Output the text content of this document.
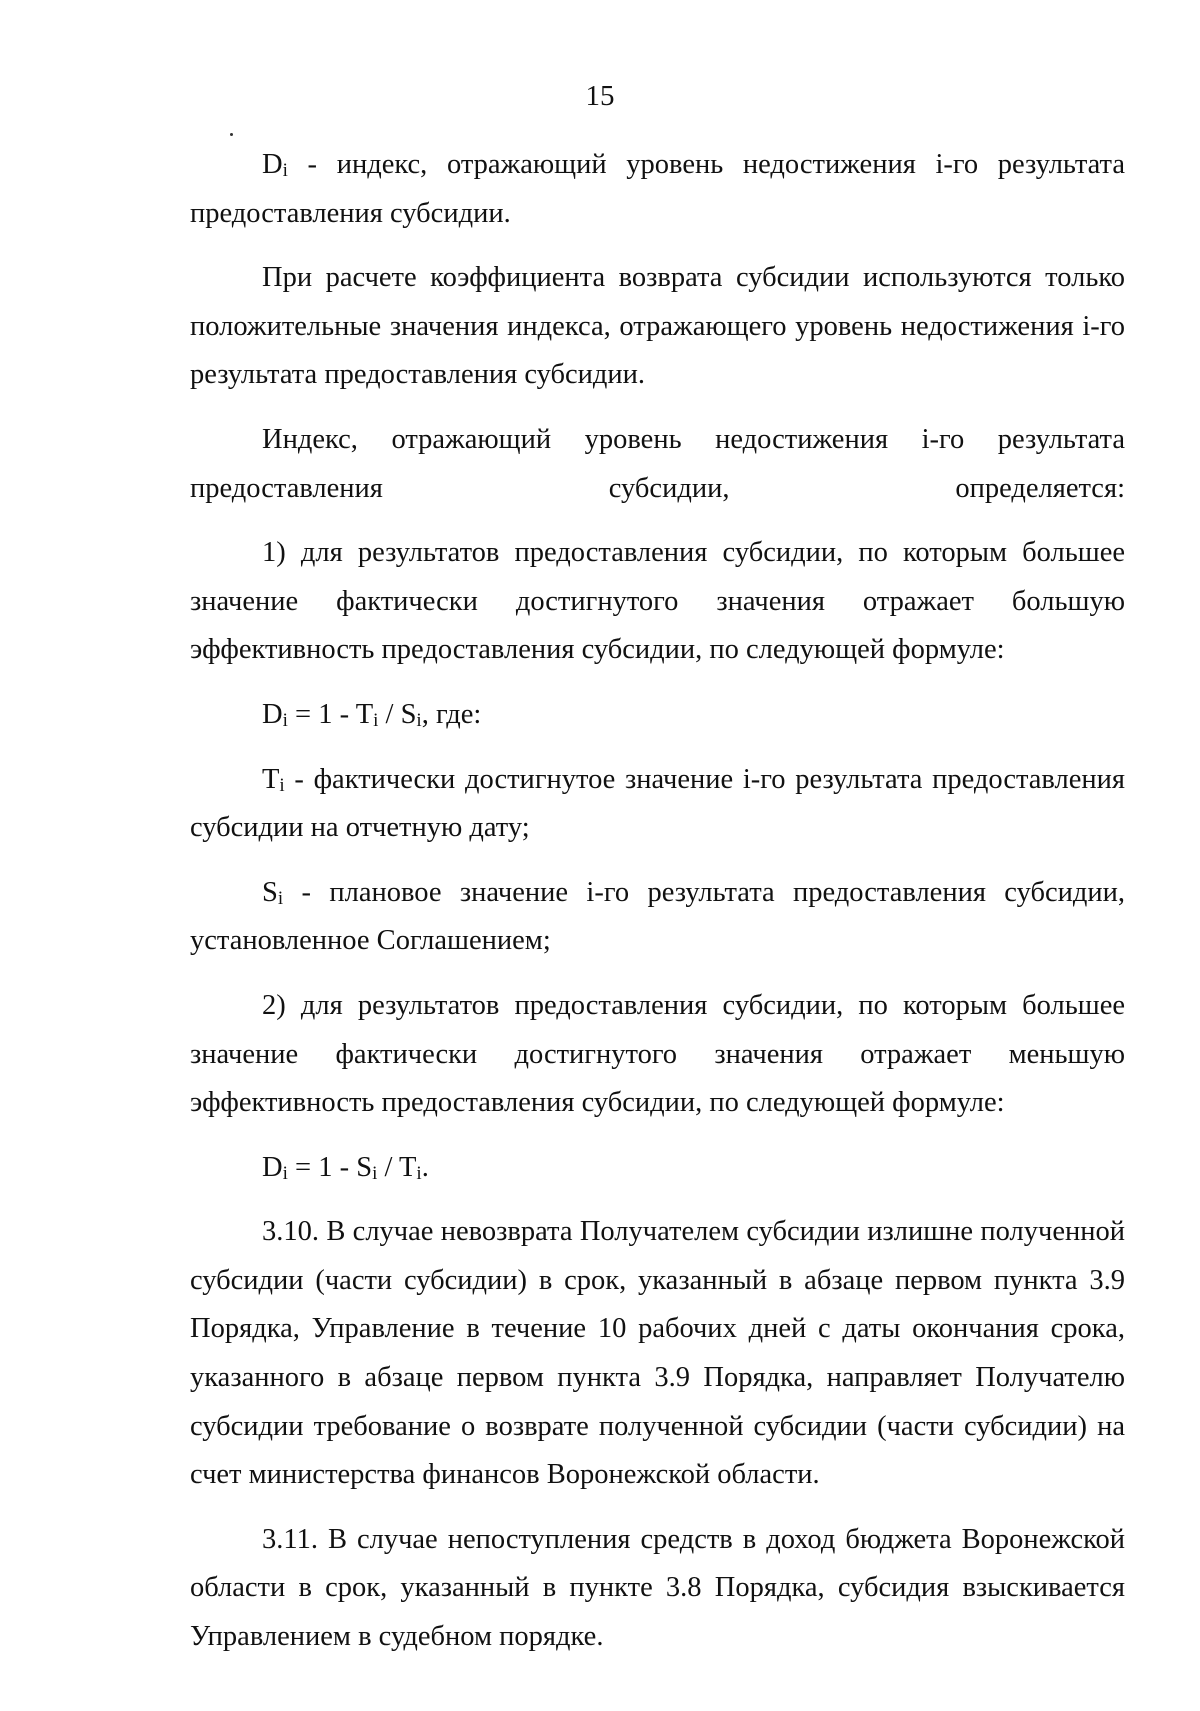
15

$D_i$ - индекс, отражающий уровень недостижения i-го результата предоставления субсидии.

При расчете коэффициента возврата субсидии используются только положительные значения индекса, отражающего уровень недостижения i-го результата предоставления субсидии.

Индекс, отражающий уровень недостижения i-го результата предоставления субсидии, определяется:

1) для результатов предоставления субсидии, по которым большее значение фактически достигнутого значения отражает большую эффективность предоставления субсидии, по следующей формуле:

$D_i = 1 - T_i / S_i$, где:

$T_i$ - фактически достигнутое значение i-го результата предоставления субсидии на отчетную дату;

$S_i$ - плановое значение i-го результата предоставления субсидии, установленное Соглашением;

2) для результатов предоставления субсидии, по которым большее значение фактически достигнутого значения отражает меньшую эффективность предоставления субсидии, по следующей формуле:

$D_i = 1 - S_i / T_i$.

3.10. В случае невозврата Получателем субсидии излишне полученной субсидии (части субсидии) в срок, указанный в абзаце первом пункта 3.9 Порядка, Управление в течение 10 рабочих дней с даты окончания срока, указанного в абзаце первом пункта 3.9 Порядка, направляет Получателю субсидии требование о возврате полученной субсидии (части субсидии) на счет министерства финансов Воронежской области.

3.11. В случае непоступления средств в доход бюджета Воронежской области в срок, указанный в пункте 3.8 Порядка, субсидия взыскивается Управлением в судебном порядке.
